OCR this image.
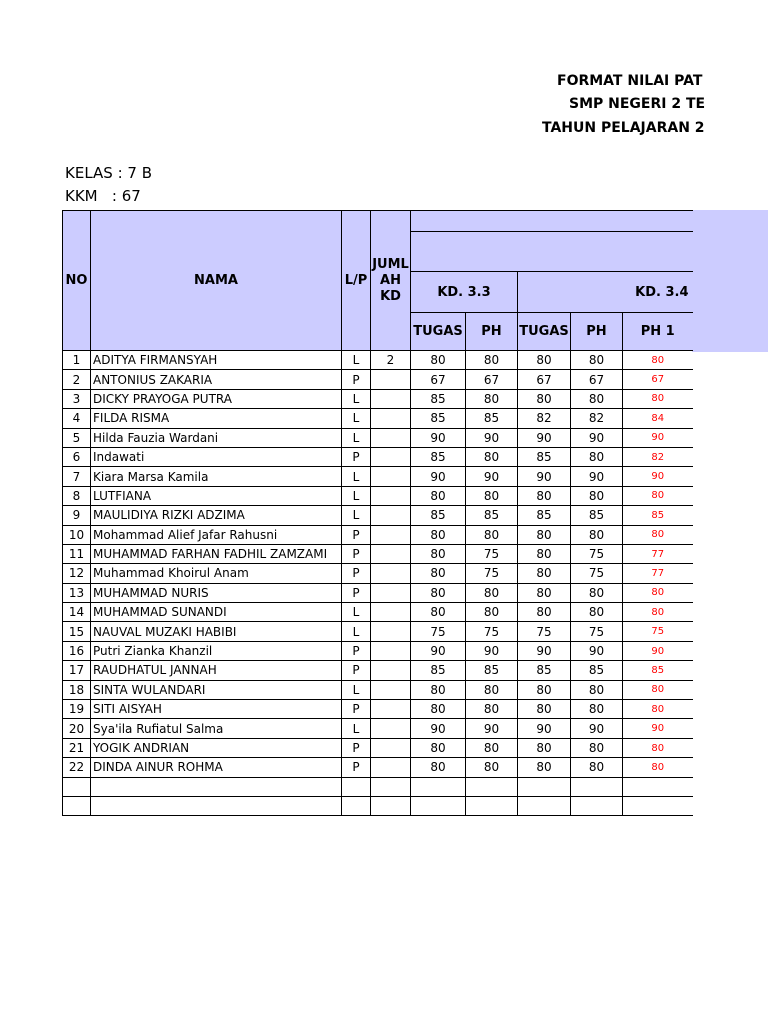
FORMAT NILAI PAT
SMP NEGERI 2 TE
TAHUN PELAJARAN 2
KELAS : 7 B
KKM   : 67
NO	NAMA	L/P	JUML AH KD					

				KD. 3.3		KD. 3.4		
				TUGAS	PH	TUGAS	PH	PH 1
1	ADITYA FIRMANSYAH	L	2	80	80	80	80	80
2	ANTONIUS ZAKARIA	P		67	67	67	67	67
3	DICKY PRAYOGA PUTRA	L		85	80	80	80	80
4	FILDA RISMA	L		85	85	82	82	84
5	Hilda Fauzia Wardani	L		90	90	90	90	90
6	Indawati	P		85	80	85	80	82
7	Kiara Marsa Kamila	L		90	90	90	90	90
8	LUTFIANA	L		80	80	80	80	80
9	MAULIDIYA RIZKI ADZIMA	L		85	85	85	85	85
10	Mohammad Alief Jafar Rahusni	P		80	80	80	80	80
11	MUHAMMAD FARHAN FADHIL ZAMZAMI	P		80	75	80	75	77
12	Muhammad Khoirul Anam	P		80	75	80	75	77
13	MUHAMMAD NURIS	P		80	80	80	80	80
14	MUHAMMAD SUNANDI	L		80	80	80	80	80
15	NAUVAL MUZAKI HABIBI	L		75	75	75	75	75
16	Putri Zianka Khanzil	P		90	90	90	90	90
17	RAUDHATUL JANNAH	P		85	85	85	85	85
18	SINTA WULANDARI	L		80	80	80	80	80
19	SITI AISYAH	P		80	80	80	80	80
20	Sya'ila Rufiatul Salma	L		90	90	90	90	90
21	YOGIK ANDRIAN	P		80	80	80	80	80
22	DINDA AINUR ROHMA	P		80	80	80	80	80
